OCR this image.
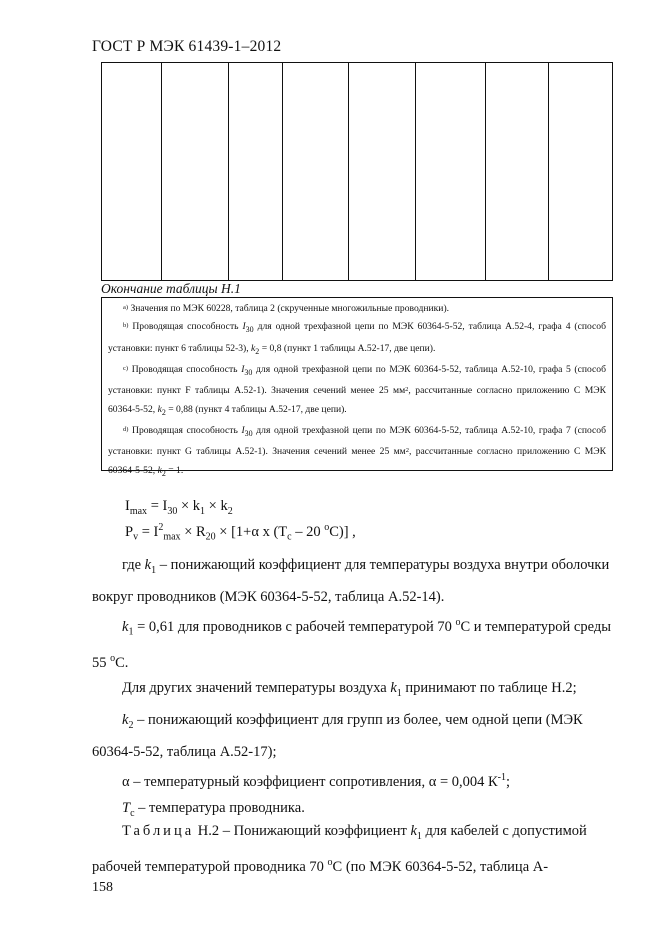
ГОСТ Р МЭК 61439-1–2012
Окончание таблицы Н.1
$^{a)}$ Значения по МЭК 60228, таблица 2 (скрученные многожильные проводники).
$^{b)}$ Проводящая способность $I_{30}$ для одной трехфазной цепи по МЭК 60364-5-52, таблица А.52-4, графа 4 (способ установки: пункт 6 таблицы 52-3), $k_2 = 0,8$ (пункт 1 таблицы А.52-17, две цепи).
$^{c)}$ Проводящая способность $I_{30}$ для одной трехфазной цепи по МЭК 60364-5-52, таблица А.52-10, графа 5 (способ установки: пункт F таблицы А.52-1). Значения сечений менее 25 $мм^2$, рассчитанные согласно приложению С МЭК 60364-5-52, $k_2 = 0,88$ (пункт 4 таблицы А.52-17, две цепи).
$^{d)}$ Проводящая способность $I_{30}$ для одной трехфазной цепи по МЭК 60364-5-52, таблица А.52-10, графа 7 (способ установки: пункт G таблицы А.52-1). Значения сечений менее 25 $мм^2$, рассчитанные согласно приложению С МЭК 60364-5-52, $k_2 = 1$.
$I_{max} = I_{30} \times k_1 \times k_2$
$P_v = I^2_{max} \times R_{20} \times [1+\alpha$ x ($T_c - 20$ $^o$C)] ,

где $k_1$ – понижающий коэффициент для температуры воздуха внутри оболочки вокруг проводников (МЭК 60364-5-52, таблица А.52-14).

$k_1 = 0,61$ для проводников с рабочей температурой 70 $^o$C и температурой среды 55 $^o$C.

Для других значений температуры воздуха $k_1$ принимают по таблице Н.2;

$k_2$ – понижающий коэффициент для групп из более, чем одной цепи (МЭК 60364-5-52, таблица А.52-17);

α – температурный коэффициент сопротивления, α = 0,004 $К^{-1}$;

$T_c$ – температура проводника.

Таблица Н.2 – Понижающий коэффициент $k_1$ для кабелей с допустимой рабочей температурой проводника 70 $^o$C (по МЭК 60364-5-52, таблица А-

158
